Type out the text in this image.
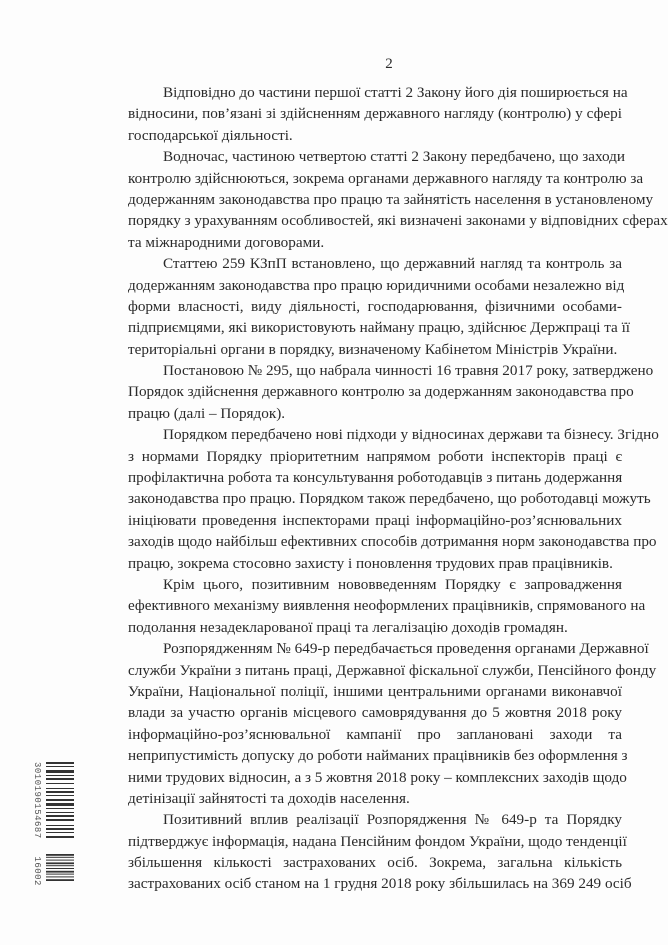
2
Відповідно до частини першої статті 2 Закону його дія поширюється на
відносини, пов’язані зі здійсненням державного нагляду (контролю) у сфері
господарської діяльності.
Водночас, частиною четвертою статті 2 Закону передбачено, що заходи
контролю здійснюються, зокрема органами державного нагляду та контролю за
додержанням законодавства про працю та зайнятість населення в установленому
порядку з урахуванням особливостей, які визначені законами у відповідних сферах
та міжнародними договорами.
Статтею 259 КЗпП встановлено, що державний нагляд та контроль за
додержанням законодавства про працю юридичними особами незалежно від
форми власності, виду діяльності, господарювання, фізичними особами-
підприємцями, які використовують найману працю, здійснює Держпраці та її
територіальні органи в порядку, визначеному Кабінетом Міністрів України.
Постановою № 295, що набрала чинності 16 травня 2017 року, затверджено
Порядок здійснення державного контролю за додержанням законодавства про
працю (далі – Порядок).
Порядком передбачено нові підходи у відносинах держави та бізнесу. Згідно
з нормами Порядку пріоритетним напрямом роботи інспекторів праці є
профілактична робота та консультування роботодавців з питань додержання
законодавства про працю. Порядком також передбачено, що роботодавці можуть
ініціювати проведення інспекторами праці інформаційно-роз’яснювальних
заходів щодо найбільш ефективних способів дотримання норм законодавства про
працю, зокрема стосовно захисту і поновлення трудових прав працівників.
Крім цього, позитивним нововведенням Порядку є запровадження
ефективного механізму виявлення неоформлених працівників, спрямованого на
подолання незадекларованої праці та легалізацію доходів громадян.
Розпорядженням № 649-р передбачається проведення органами Державної
служби України з питань праці, Державної фіскальної служби, Пенсійного фонду
України, Національної поліції, іншими центральними органами виконавчої
влади за участю органів місцевого самоврядування до 5 жовтня 2018 року
інформаційно-роз’яснювальної кампанії про заплановані заходи та
неприпустимість допуску до роботи найманих працівників без оформлення з
ними трудових відносин, а з 5 жовтня 2018 року – комплексних заходів щодо
детінізації зайнятості та доходів населення.
Позитивний вплив реалізації Розпорядження № 649-р та Порядку
підтверджує інформація, надана Пенсійним фондом України, щодо тенденції
збільшення кількості застрахованих осіб. Зокрема, загальна кількість
застрахованих осіб станом на 1 грудня 2018 року збільшилась на 369 249 осіб
3010190154687   16002
